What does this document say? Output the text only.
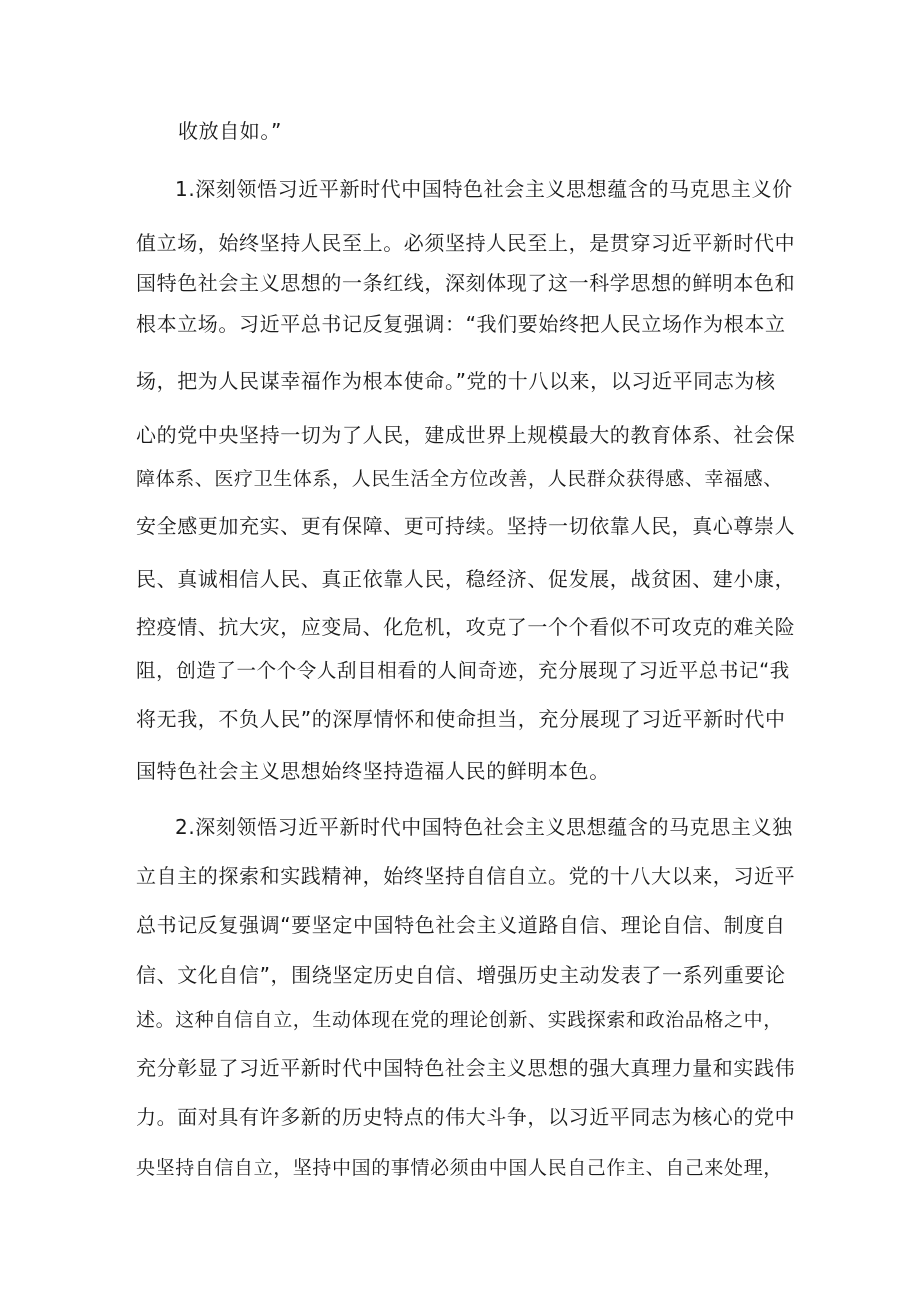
收放自如。”
1.深刻领悟习近平新时代中国特色社会主义思想蕴含的马克思主义价
值立场，始终坚持人民至上。必须坚持人民至上，是贯穿习近平新时代中
国特色社会主义思想的一条红线，深刻体现了这一科学思想的鲜明本色和
根本立场。习近平总书记反复强调：“我们要始终把人民立场作为根本立
场，把为人民谋幸福作为根本使命。”党的十八以来，以习近平同志为核
心的党中央坚持一切为了人民，建成世界上规模最大的教育体系、社会保
障体系、医疗卫生体系，人民生活全方位改善，人民群众获得感、幸福感、
安全感更加充实、更有保障、更可持续。坚持一切依靠人民，真心尊崇人
民、真诚相信人民、真正依靠人民，稳经济、促发展，战贫困、建小康，
控疫情、抗大灾，应变局、化危机，攻克了一个个看似不可攻克的难关险
阻，创造了一个个令人刮目相看的人间奇迹，充分展现了习近平总书记“我
将无我，不负人民”的深厚情怀和使命担当，充分展现了习近平新时代中
国特色社会主义思想始终坚持造福人民的鲜明本色。
2.深刻领悟习近平新时代中国特色社会主义思想蕴含的马克思主义独
立自主的探索和实践精神，始终坚持自信自立。党的十八大以来，习近平
总书记反复强调“要坚定中国特色社会主义道路自信、理论自信、制度自
信、文化自信”，围绕坚定历史自信、增强历史主动发表了一系列重要论
述。这种自信自立，生动体现在党的理论创新、实践探索和政治品格之中，
充分彰显了习近平新时代中国特色社会主义思想的强大真理力量和实践伟
力。面对具有许多新的历史特点的伟大斗争，以习近平同志为核心的党中
央坚持自信自立，坚持中国的事情必须由中国人民自己作主、自己来处理，
